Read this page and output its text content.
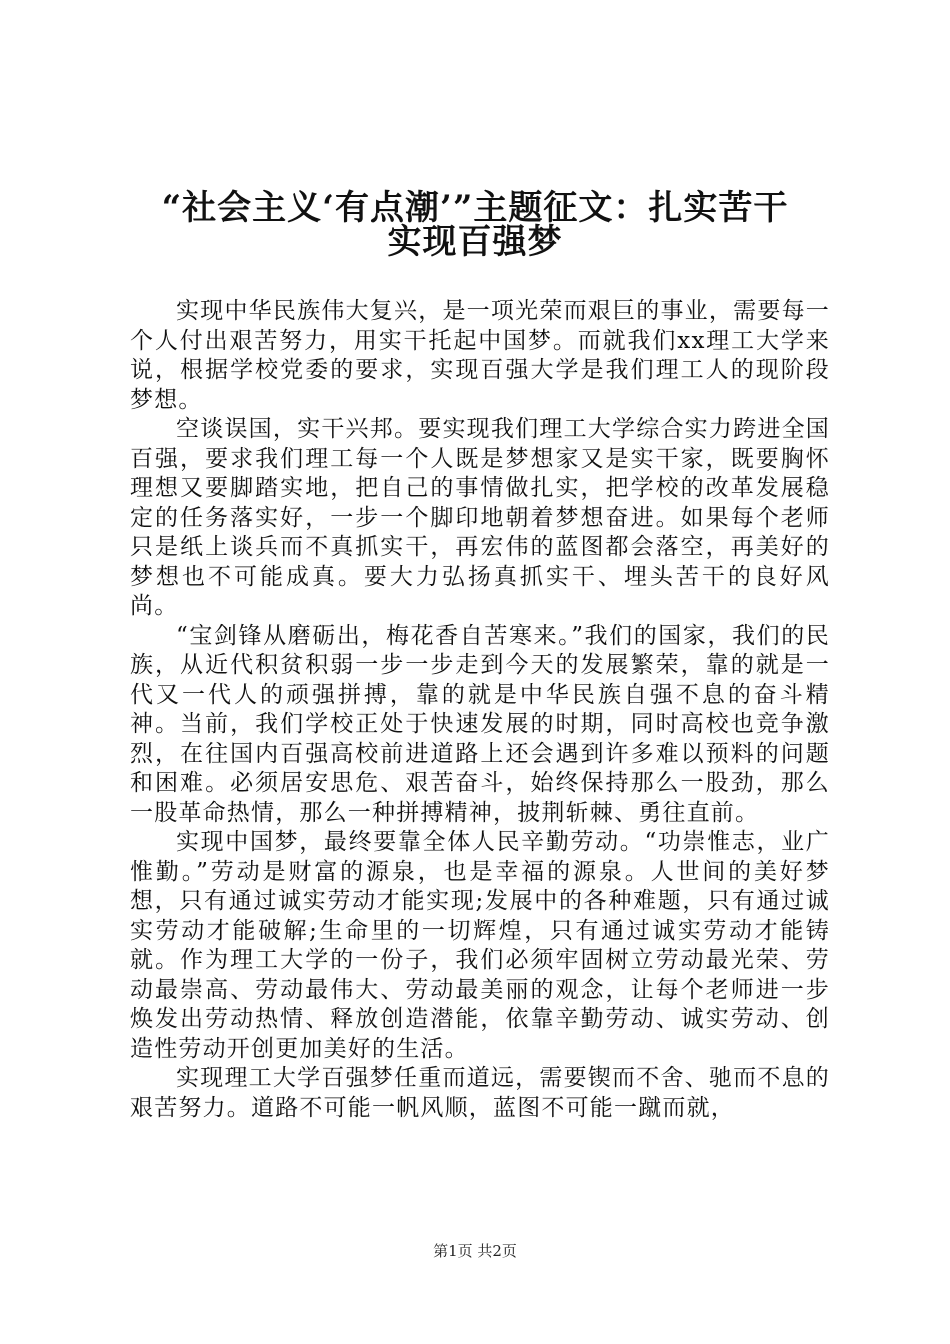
“社会主义‘有点潮’”主题征文：扎实苦干
实现百强梦

实现中华民族伟大复兴，是一项光荣而艰巨的事业，需要每一个人付出艰苦努力，用实干托起中国梦。而就我们xx理工大学来说，根据学校党委的要求，实现百强大学是我们理工人的现阶段梦想。

空谈误国，实干兴邦。要实现我们理工大学综合实力跨进全国百强，要求我们理工每一个人既是梦想家又是实干家，既要胸怀理想又要脚踏实地，把自己的事情做扎实，把学校的改革发展稳定的任务落实好，一步一个脚印地朝着梦想奋进。如果每个老师只是纸上谈兵而不真抓实干，再宏伟的蓝图都会落空，再美好的梦想也不可能成真。要大力弘扬真抓实干、埋头苦干的良好风尚。

“宝剑锋从磨砺出，梅花香自苦寒来。”我们的国家，我们的民族，从近代积贫积弱一步一步走到今天的发展繁荣，靠的就是一代又一代人的顽强拼搏，靠的就是中华民族自强不息的奋斗精神。当前，我们学校正处于快速发展的时期，同时高校也竞争激烈，在往国内百强高校前进道路上还会遇到许多难以预料的问题和困难。必须居安思危、艰苦奋斗，始终保持那么一股劲，那么一股革命热情，那么一种拼搏精神，披荆斩棘、勇往直前。

实现中国梦，最终要靠全体人民辛勤劳动。“功崇惟志，业广惟勤。”劳动是财富的源泉，也是幸福的源泉。人世间的美好梦想，只有通过诚实劳动才能实现;发展中的各种难题，只有通过诚实劳动才能破解;生命里的一切辉煌，只有通过诚实劳动才能铸就。作为理工大学的一份子，我们必须牢固树立劳动最光荣、劳动最崇高、劳动最伟大、劳动最美丽的观念，让每个老师进一步焕发出劳动热情、释放创造潜能，依靠辛勤劳动、诚实劳动、创造性劳动开创更加美好的生活。

实现理工大学百强梦任重而道远，需要锲而不舍、驰而不息的艰苦努力。道路不可能一帆风顺，蓝图不可能一蹴而就，

第1页 共2页
